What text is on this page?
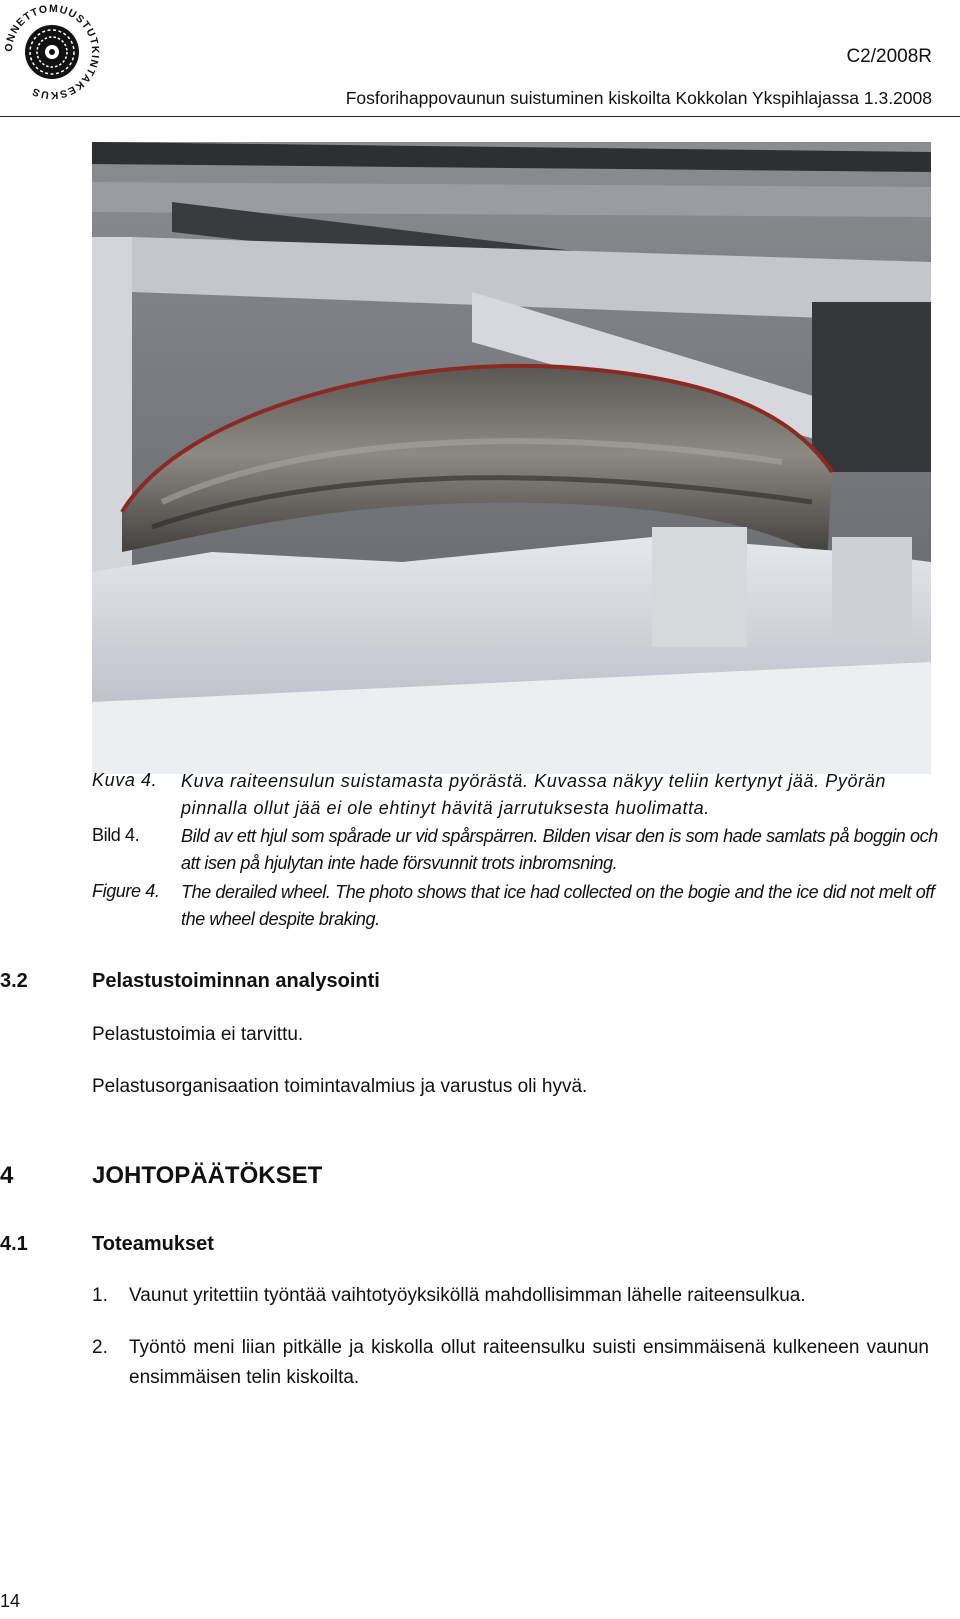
ONNETTOMUUSTUTKINTAKESKUS
C2/2008R
Fosforihappovaunun suistuminen kiskoilta Kokkolan Ykspihlajassa 1.3.2008
Kuva 4. Kuva raiteensulun suistamasta pyörästä. Kuvassa näkyy teliin kertynyt jää. Pyörän pinnalla ollut jää ei ole ehtinyt hävitä jarrutuksesta huolimatta.
Bild 4. Bild av ett hjul som spårade ur vid spårspärren. Bilden visar den is som hade samlats på boggin och att isen på hjulytan inte hade försvunnit trots inbromsning.
Figure 4. The derailed wheel. The photo shows that ice had collected on the bogie and the ice did not melt off the wheel despite braking.
3.2	Pelastustoiminnan analysointi
Pelastustoimia ei tarvittu.
Pelastusorganisaation toimintavalmius ja varustus oli hyvä.
4	JOHTOPÄÄTÖKSET
4.1	Toteamukset
1. Vaunut yritettiin työntää vaihtotyöyksiköllä mahdollisimman lähelle raiteensulkua.
2. Työntö meni liian pitkälle ja kiskolla ollut raiteensulku suisti ensimmäisenä kulkeneen vaunun ensimmäisen telin kiskoilta.
14
